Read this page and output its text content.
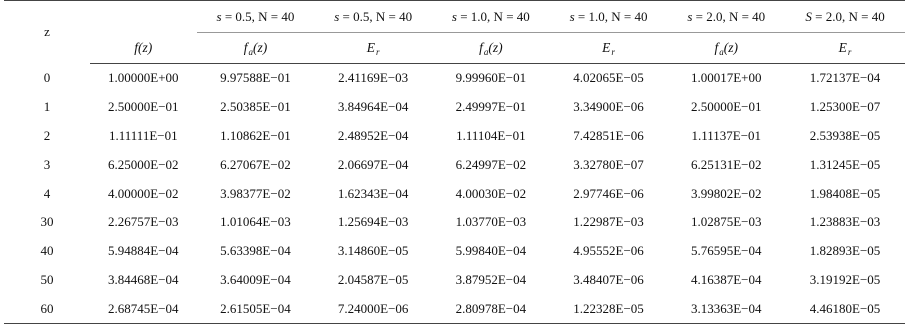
z		s = 0.5, N = 40	s = 0.5, N = 40	s = 1.0, N = 40	s = 1.0, N = 40	s = 2.0, N = 40	S = 2.0, N = 40
	f(z)	$f_a(z)$	$E_r$	$f_a(z)$	$E_r$	$f_a(z)$	$E_r$
0	1.00000E+00	9.97588E−01	2.41169E−03	9.99960E−01	4.02065E−05	1.00017E+00	1.72137E−04
1	2.50000E−01	2.50385E−01	3.84964E−04	2.49997E−01	3.34900E−06	2.50000E−01	1.25300E−07
2	1.11111E−01	1.10862E−01	2.48952E−04	1.11104E−01	7.42851E−06	1.11137E−01	2.53938E−05
3	6.25000E−02	6.27067E−02	2.06697E−04	6.24997E−02	3.32780E−07	6.25131E−02	1.31245E−05
4	4.00000E−02	3.98377E−02	1.62343E−04	4.00030E−02	2.97746E−06	3.99802E−02	1.98408E−05
30	2.26757E−03	1.01064E−03	1.25694E−03	1.03770E−03	1.22987E−03	1.02875E−03	1.23883E−03
40	5.94884E−04	5.63398E−04	3.14860E−05	5.99840E−04	4.95552E−06	5.76595E−04	1.82893E−05
50	3.84468E−04	3.64009E−04	2.04587E−05	3.87952E−04	3.48407E−06	4.16387E−04	3.19192E−05
60	2.68745E−04	2.61505E−04	7.24000E−06	2.80978E−04	1.22328E−05	3.13363E−04	4.46180E−05
